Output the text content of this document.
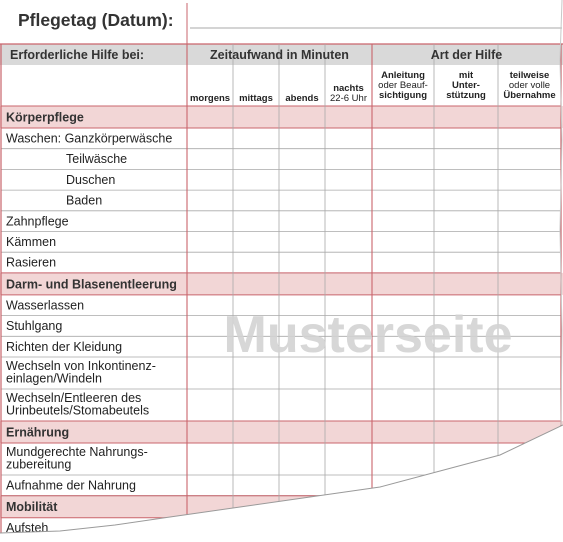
Pflegetag (Datum):
Erforderliche Hilfe bei:	Zeitaufwand in Minuten	Art der Hilfe
morgens mittags abends
nachts
22-6 Uhr
Anleitung
oder Beauf-
sichtigung
mit
Unter-
stützung
teilweise
oder volle
Übernahme
Körperpflege
Waschen: Ganzkörperwäsche
Teilwäsche
Duschen
Baden
Zahnpflege
Kämmen
Rasieren
Darm- und Blasenentleerung
Wasserlassen
Stuhlgang
Richten der Kleidung
Wechseln von Inkontinenz-
einlagen/Windeln
Wechseln/Entleeren des
Urinbeutels/Stomabeutels
Ernährung
Mundgerechte Nahrungs-
zubereitung
Aufnahme der Nahrung
Mobilität
Aufsteh
Musterseite
